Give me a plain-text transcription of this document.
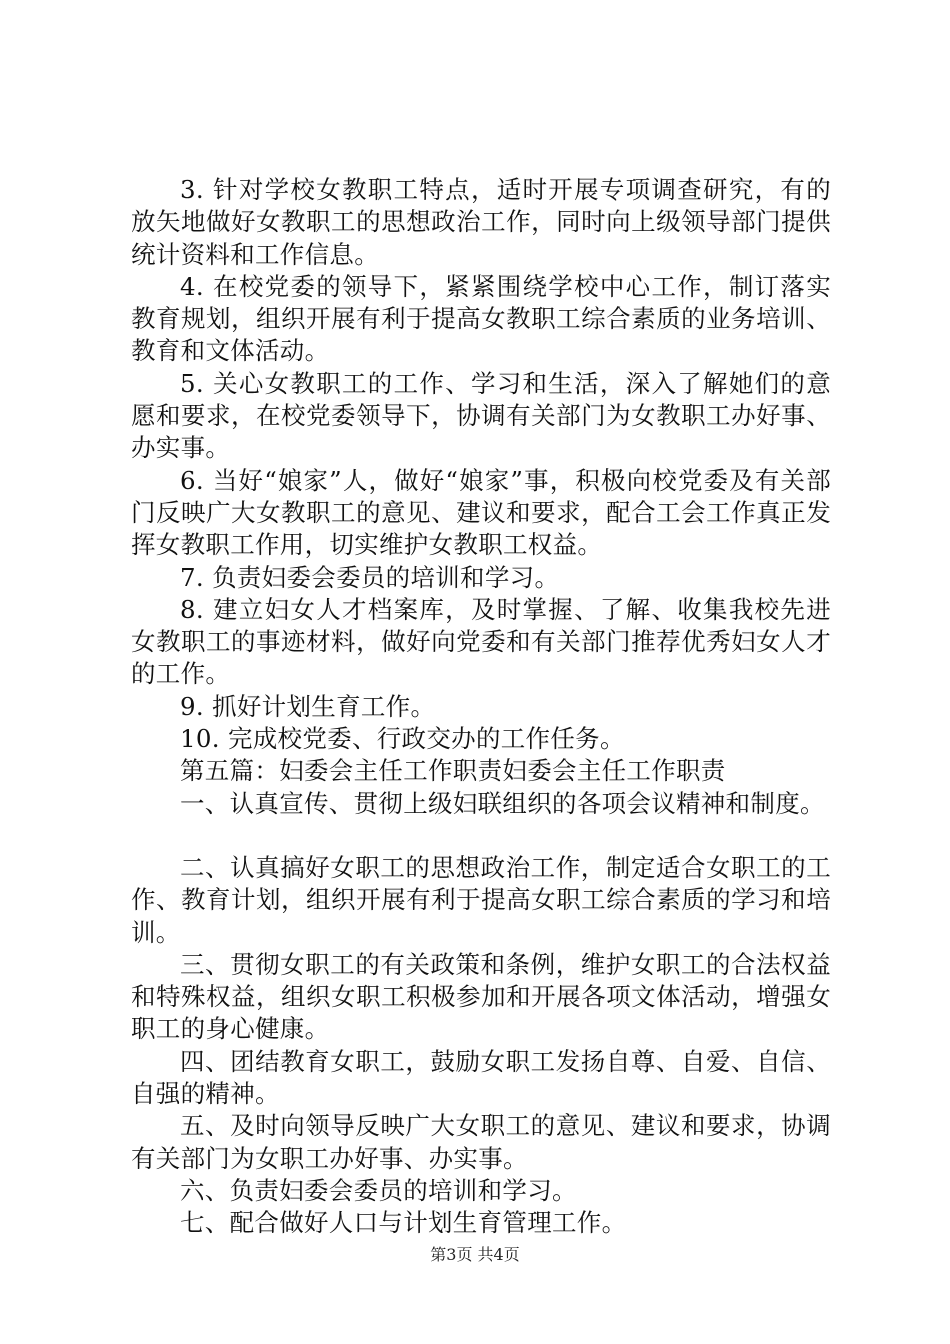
3. 针对学校女教职工特点，适时开展专项调查研究，有的放矢地做好女教职工的思想政治工作，同时向上级领导部门提供统计资料和工作信息。

4. 在校党委的领导下，紧紧围绕学校中心工作，制订落实教育规划，组织开展有利于提高女教职工综合素质的业务培训、教育和文体活动。

5. 关心女教职工的工作、学习和生活，深入了解她们的意愿和要求，在校党委领导下，协调有关部门为女教职工办好事、办实事。

6. 当好“娘家”人，做好“娘家”事，积极向校党委及有关部门反映广大女教职工的意见、建议和要求，配合工会工作真正发挥女教职工作用，切实维护女教职工权益。

7. 负责妇委会委员的培训和学习。

8. 建立妇女人才档案库，及时掌握、了解、收集我校先进女教职工的事迹材料，做好向党委和有关部门推荐优秀妇女人才的工作。

9. 抓好计划生育工作。

10. 完成校党委、行政交办的工作任务。

第五篇：妇委会主任工作职责妇委会主任工作职责

一、认真宣传、贯彻上级妇联组织的各项会议精神和制度。

二、认真搞好女职工的思想政治工作，制定适合女职工的工作、教育计划，组织开展有利于提高女职工综合素质的学习和培训。

三、贯彻女职工的有关政策和条例，维护女职工的合法权益和特殊权益，组织女职工积极参加和开展各项文体活动，增强女职工的身心健康。

四、团结教育女职工，鼓励女职工发扬自尊、自爱、自信、自强的精神。

五、及时向领导反映广大女职工的意见、建议和要求，协调有关部门为女职工办好事、办实事。

六、负责妇委会委员的培训和学习。

七、配合做好人口与计划生育管理工作。

第3页 共4页
